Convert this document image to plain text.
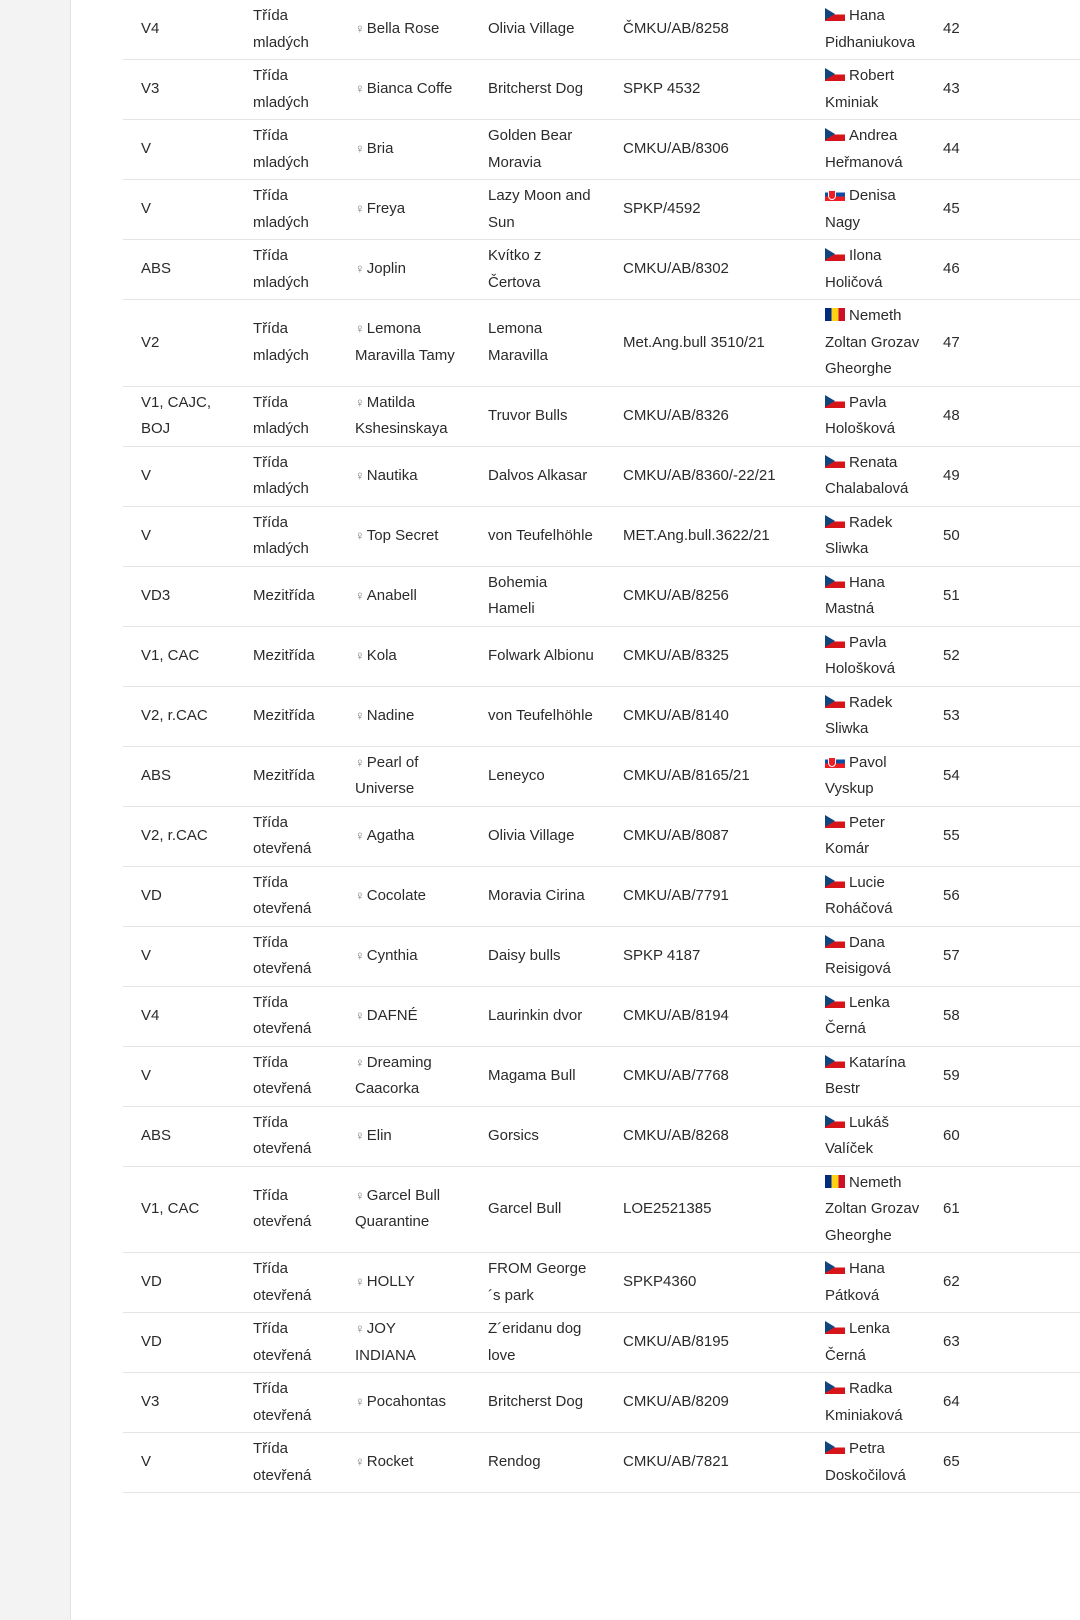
V4	Třída mladých	♀ Bella Rose	Olivia Village	ČMKU/AB/8258	Hana Pidhaniukova	42
V3	Třída mladých	♀ Bianca Coffe	Britcherst Dog	SPKP 4532	Robert Kminiak	43
V	Třída mladých	♀ Bria	Golden Bear Moravia	CMKU/AB/8306	Andrea Heřmanová	44
V	Třída mladých	♀ Freya	Lazy Moon and Sun	SPKP/4592	Denisa Nagy	45
ABS	Třída mladých	♀ Joplin	Kvítko z Čertova	CMKU/AB/8302	Ilona Holičová	46
V2	Třída mladých	♀ Lemona Maravilla Tamy	Lemona Maravilla	Met.Ang.bull 3510/21	Nemeth Zoltan Grozav Gheorghe	47
V1, CAJC, BOJ	Třída mladých	♀ Matilda Kshesinskaya	Truvor Bulls	CMKU/AB/8326	Pavla Hološková	48
V	Třída mladých	♀ Nautika	Dalvos Alkasar	CMKU/AB/8360/-22/21	Renata Chalabalová	49
V	Třída mladých	♀ Top Secret	von Teufelhöhle	MET.Ang.bull.3622/21	Radek Sliwka	50
VD3	Mezitřída	♀ Anabell	Bohemia Hameli	CMKU/AB/8256	Hana Mastná	51
V1, CAC	Mezitřída	♀ Kola	Folwark Albionu	CMKU/AB/8325	Pavla Hološková	52
V2, r.CAC	Mezitřída	♀ Nadine	von Teufelhöhle	CMKU/AB/8140	Radek Sliwka	53
ABS	Mezitřída	♀ Pearl of Universe	Leneyco	CMKU/AB/8165/21	Pavol Vyskup	54
V2, r.CAC	Třída otevřená	♀ Agatha	Olivia Village	CMKU/AB/8087	Peter Komár	55
VD	Třída otevřená	♀ Cocolate	Moravia Cirina	CMKU/AB/7791	Lucie Roháčová	56
V	Třída otevřená	♀ Cynthia	Daisy bulls	SPKP 4187	Dana Reisigová	57
V4	Třída otevřená	♀ DAFNÉ	Laurinkin dvor	CMKU/AB/8194	Lenka Černá	58
V	Třída otevřená	♀ Dreaming Caacorka	Magama Bull	CMKU/AB/7768	Katarína Bestr	59
ABS	Třída otevřená	♀ Elin	Gorsics	CMKU/AB/8268	Lukáš Valíček	60
V1, CAC	Třída otevřená	♀ Garcel Bull Quarantine	Garcel Bull	LOE2521385	Nemeth Zoltan Grozav Gheorghe	61
VD	Třída otevřená	♀ HOLLY	FROM George ´s park	SPKP4360	Hana Pátková	62
VD	Třída otevřená	♀ JOY INDIANA	Z´eridanu dog love	CMKU/AB/8195	Lenka Černá	63
V3	Třída otevřená	♀ Pocahontas	Britcherst Dog	CMKU/AB/8209	Radka Kminiaková	64
V	Třída otevřená	♀ Rocket	Rendog	CMKU/AB/7821	Petra Doskočilová	65
